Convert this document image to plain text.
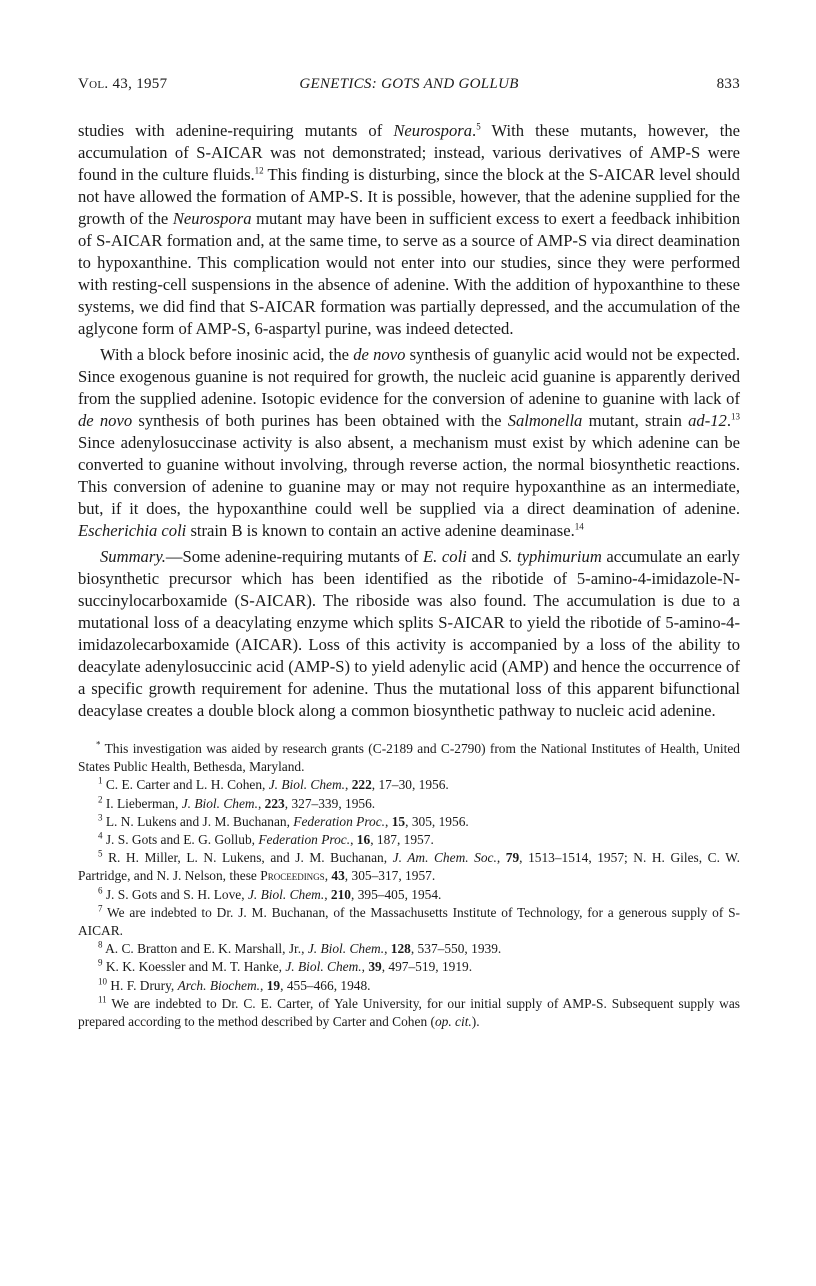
Vol. 43, 1957	GENETICS: GOTS AND GOLLUB	833

studies with adenine-requiring mutants of Neurospora.$^5$ With these mutants, however, the accumulation of S-AICAR was not demonstrated; instead, various derivatives of AMP-S were found in the culture fluids.$^{12}$ This finding is disturbing, since the block at the S-AICAR level should not have allowed the formation of AMP-S. It is possible, however, that the adenine supplied for the growth of the Neurospora mutant may have been in sufficient excess to exert a feedback inhibition of S-AICAR formation and, at the same time, to serve as a source of AMP-S via direct deamination to hypoxanthine. This complication would not enter into our studies, since they were performed with resting-cell suspensions in the absence of adenine. With the addition of hypoxanthine to these systems, we did find that S-AICAR formation was partially depressed, and the accumulation of the aglycone form of AMP-S, 6-aspartyl purine, was indeed detected.

With a block before inosinic acid, the de novo synthesis of guanylic acid would not be expected. Since exogenous guanine is not required for growth, the nucleic acid guanine is apparently derived from the supplied adenine. Isotopic evidence for the conversion of adenine to guanine with lack of de novo synthesis of both purines has been obtained with the Salmonella mutant, strain ad-12.13 Since adenylosuccinase activity is also absent, a mechanism must exist by which adenine can be converted to guanine without involving, through reverse action, the normal biosynthetic reactions. This conversion of adenine to guanine may or may not require hypoxanthine as an intermediate, but, if it does, the hypoxanthine could well be supplied via a direct deamination of adenine. Escherichia coli strain B is known to contain an active adenine deaminase.$^{14}$

Summary.—Some adenine-requiring mutants of E. coli and S. typhimurium accumulate an early biosynthetic precursor which has been identified as the ribotide of 5-amino-4-imidazole-N-succinylocarboxamide (S-AICAR). The riboside was also found. The accumulation is due to a mutational loss of a deacylating enzyme which splits S-AICAR to yield the ribotide of 5-amino-4-imidazolecarboxamide (AICAR). Loss of this activity is accompanied by a loss of the ability to deacylate adenylosuccinic acid (AMP-S) to yield adenylic acid (AMP) and hence the occurrence of a specific growth requirement for adenine. Thus the mutational loss of this apparent bifunctional deacylase creates a double block along a common biosynthetic pathway to nucleic acid adenine.

* This investigation was aided by research grants (C-2189 and C-2790) from the National Institutes of Health, United States Public Health, Bethesda, Maryland.

$^1$ C. E. Carter and L. H. Cohen, J. Biol. Chem., 222, 17–30, 1956.

$^2$ I. Lieberman, J. Biol. Chem., 223, 327–339, 1956.

$^3$ L. N. Lukens and J. M. Buchanan, Federation Proc., 15, 305, 1956.

$^4$ J. S. Gots and E. G. Gollub, Federation Proc., 16, 187, 1957.

$^5$ R. H. Miller, L. N. Lukens, and J. M. Buchanan, J. Am. Chem. Soc., 79, 1513–1514, 1957; N. H. Giles, C. W. Partridge, and N. J. Nelson, these Proceedings, 43, 305–317, 1957.

$^6$ J. S. Gots and S. H. Love, J. Biol. Chem., 210, 395–405, 1954.

$^7$ We are indebted to Dr. J. M. Buchanan, of the Massachusetts Institute of Technology, for a generous supply of S-AICAR.

$^8$ A. C. Bratton and E. K. Marshall, Jr., J. Biol. Chem., 128, 537–550, 1939.

$^9$ K. K. Koessler and M. T. Hanke, J. Biol. Chem., 39, 497–519, 1919.

$^{10}$ H. F. Drury, Arch. Biochem., 19, 455–466, 1948.

$^{11}$ We are indebted to Dr. C. E. Carter, of Yale University, for our initial supply of AMP-S. Subsequent supply was prepared according to the method described by Carter and Cohen (op. cit.).
